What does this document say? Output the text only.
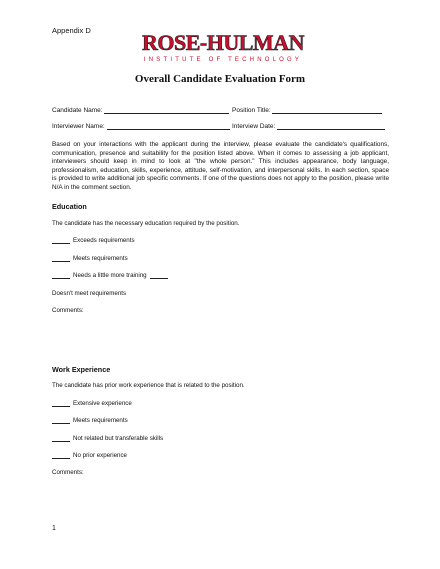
Appendix D ROSE-HULMAN
INSTITUTE OF TECHNOLOGY
Overall Candidate Evaluation Form
Candidate Name:	Position Title:
Interviewer Name:	Interview Date:
Based on your interactions with the applicant during the interview, please evaluate the candidate's qualifications, communication, presence and suitability for the position listed above. When it comes to assessing a job applicant, interviewers should keep in mind to look at "the whole person." This includes appearance, body language, professionalism, education, skills, experience, attitude, self-motivation, and interpersonal skills. In each section, space is provided to write additional job specific comments. If one of the questions does not apply to the position, please write N/A in the comment section.
Education
The candidate has the necessary education required by the position.
Exceeds requirements
Meets requirements
Needs a little more training
Doesn't meet requirements
Comments:
Work Experience
The candidate has prior work experience that is related to the position.
Extensive experience
Meets requirements
Not related but transferable skills
No prior experience
Comments:
1
